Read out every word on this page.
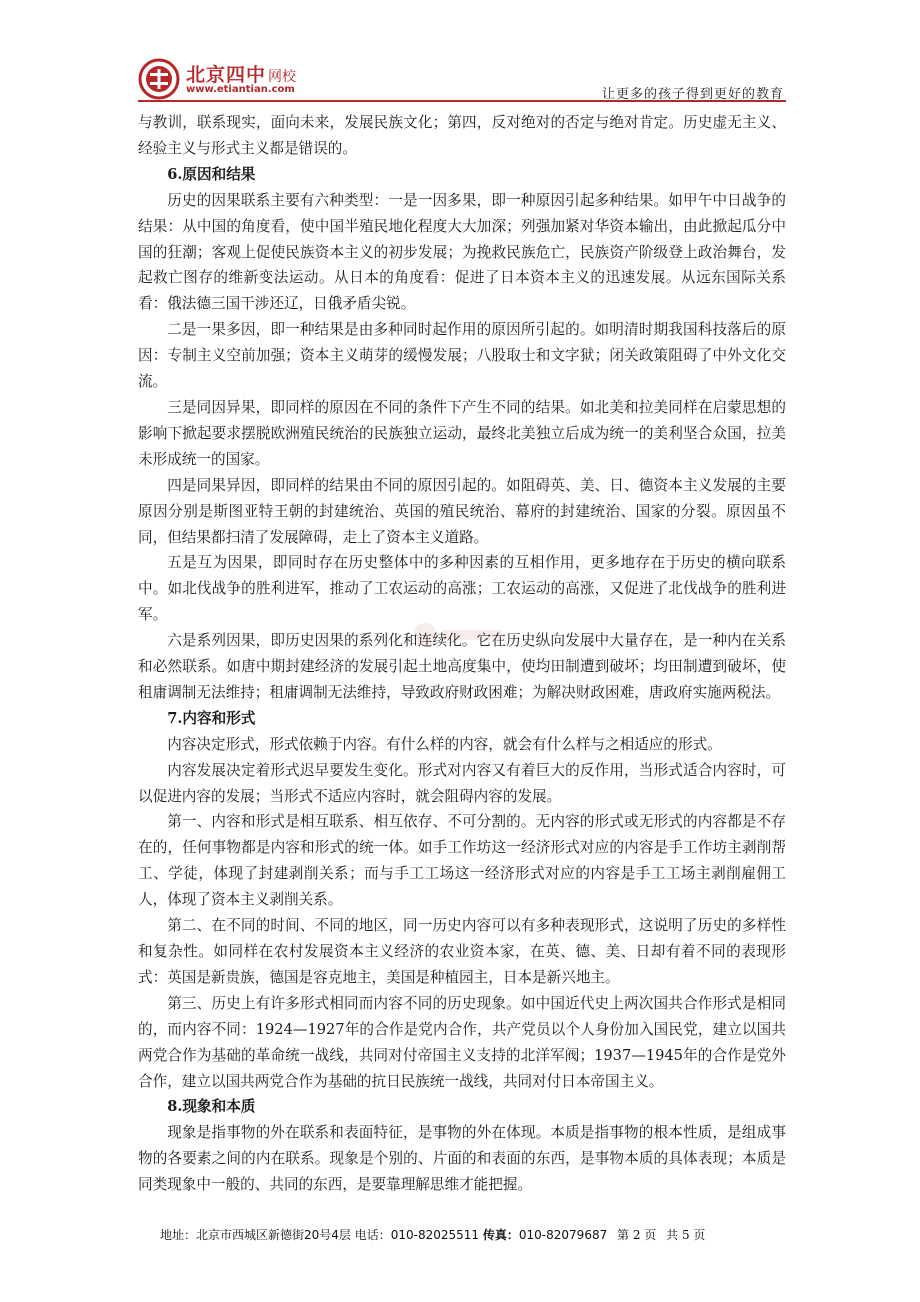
北京四中 网校
www.etiantian.com	让更多的孩子得到更好的教育

与教训，联系现实，面向未来，发展民族文化；第四，反对绝对的否定与绝对肯定。历史虚无主义、经验主义与形式主义都是错误的。

6.原因和结果

历史的因果联系主要有六种类型：一是一因多果，即一种原因引起多种结果。如甲午中日战争的结果：从中国的角度看，使中国半殖民地化程度大大加深；列强加紧对华资本输出，由此掀起瓜分中国的狂潮；客观上促使民族资本主义的初步发展；为挽救民族危亡，民族资产阶级登上政治舞台，发起救亡图存的维新变法运动。从日本的角度看：促进了日本资本主义的迅速发展。从远东国际关系看：俄法德三国干涉还辽，日俄矛盾尖锐。

二是一果多因，即一种结果是由多种同时起作用的原因所引起的。如明清时期我国科技落后的原因：专制主义空前加强；资本主义萌芽的缓慢发展；八股取士和文字狱；闭关政策阻碍了中外文化交流。

三是同因异果，即同样的原因在不同的条件下产生不同的结果。如北美和拉美同样在启蒙思想的影响下掀起要求摆脱欧洲殖民统治的民族独立运动，最终北美独立后成为统一的美利坚合众国，拉美未形成统一的国家。

四是同果异因，即同样的结果由不同的原因引起的。如阻碍英、美、日、德资本主义发展的主要原因分别是斯图亚特王朝的封建统治、英国的殖民统治、幕府的封建统治、国家的分裂。原因虽不同，但结果都扫清了发展障碍，走上了资本主义道路。

五是互为因果，即同时存在历史整体中的多种因素的互相作用，更多地存在于历史的横向联系中。如北伐战争的胜利进军，推动了工农运动的高涨；工农运动的高涨，又促进了北伐战争的胜利进军。

六是系列因果，即历史因果的系列化和连续化。它在历史纵向发展中大量存在，是一种内在关系和必然联系。如唐中期封建经济的发展引起土地高度集中，使均田制遭到破坏；均田制遭到破坏，使租庸调制无法维持；租庸调制无法维持，导致政府财政困难；为解决财政困难，唐政府实施两税法。

7.内容和形式

内容决定形式，形式依赖于内容。有什么样的内容，就会有什么样与之相适应的形式。

内容发展决定着形式迟早要发生变化。形式对内容又有着巨大的反作用，当形式适合内容时，可以促进内容的发展；当形式不适应内容时，就会阻碍内容的发展。

第一、内容和形式是相互联系、相互依存、不可分割的。无内容的形式或无形式的内容都是不存在的，任何事物都是内容和形式的统一体。如手工作坊这一经济形式对应的内容是手工作坊主剥削帮工、学徒，体现了封建剥削关系；而与手工工场这一经济形式对应的内容是手工工场主剥削雇佣工人，体现了资本主义剥削关系。

第二、在不同的时间、不同的地区，同一历史内容可以有多种表现形式，这说明了历史的多样性和复杂性。如同样在农村发展资本主义经济的农业资本家，在英、德、美、日却有着不同的表现形式：英国是新贵族，德国是容克地主，美国是种植园主，日本是新兴地主。

第三、历史上有许多形式相同而内容不同的历史现象。如中国近代史上两次国共合作形式是相同的，而内容不同：1924—1927年的合作是党内合作，共产党员以个人身份加入国民党，建立以国共两党合作为基础的革命统一战线，共同对付帝国主义支持的北洋军阀；1937—1945年的合作是党外合作，建立以国共两党合作为基础的抗日民族统一战线，共同对付日本帝国主义。

8.现象和本质

现象是指事物的外在联系和表面特征，是事物的外在体现。本质是指事物的根本性质，是组成事物的各要素之间的内在联系。现象是个别的、片面的和表面的东西，是事物本质的具体表现；本质是同类现象中一般的、共同的东西，是要靠理解思维才能把握。

地址：北京市西城区新德街20号4层 电话：010-82025511 传真：010-82079687 第 2 页 共 5 页
